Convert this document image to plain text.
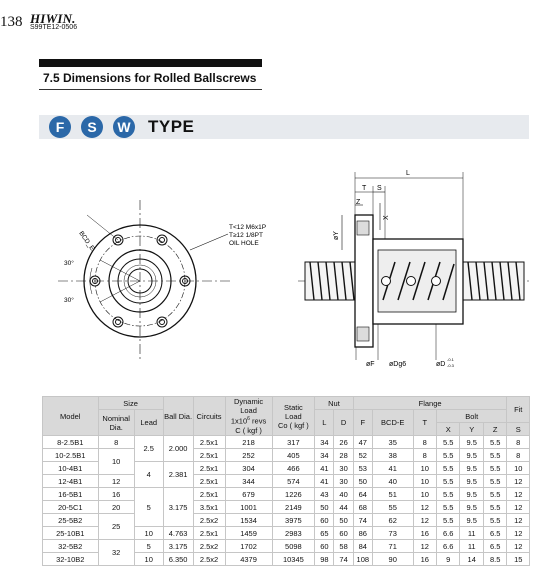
138 HIWIN.
S99TE12-0506
7.5 Dimensions for Rolled Ballscrews
F	S	W TYPE
BCD_E
T<12 M6x1P
T≥12 1/8PT
OIL HOLE
30°
30°
L
T S
Z
X
øY
øF øDg6	øD
-0.1
-0.3
Model	Size		Ball Dia.	Circuits	Dynamic
Load
$1x10^6$ revs
C ( kgf )	Static
Load
Co ( kgf )	Nut		Flange						Fit
	Nominal Dia.	Lead					L	D	F	BCD-E	T	Bolt			
												X	Y	Z	S
8-2.5B1	8	2.5	2.000	2.5x1	218	317	34	26	47	35	8	5.5	9.5	5.5	8
10-2.5B1	10			2.5x1	252	405	34	28	52	38	8	5.5	9.5	5.5	8
10-4B1		4	2.381	2.5x1	304	466	41	30	53	41	10	5.5	9.5	5.5	10
12-4B1	12			2.5x1	344	574	41	30	50	40	10	5.5	9.5	5.5	12
16-5B1	16	5	3.175	2.5x1	679	1226	43	40	64	51	10	5.5	9.5	5.5	12
20-5C1	20			3.5x1	1001	2149	50	44	68	55	12	5.5	9.5	5.5	12
25-5B2	25			2.5x2	1534	3975	60	50	74	62	12	5.5	9.5	5.5	12
25-10B1		10	4.763	2.5x1	1459	2983	65	60	86	73	16	6.6	11	6.5	12
32-5B2	32	5	3.175	2.5x2	1702	5098	60	58	84	71	12	6.6	11	6.5	12
32-10B2		10	6.350	2.5x2	4379	10345	98	74	108	90	16	9	14	8.5	15
